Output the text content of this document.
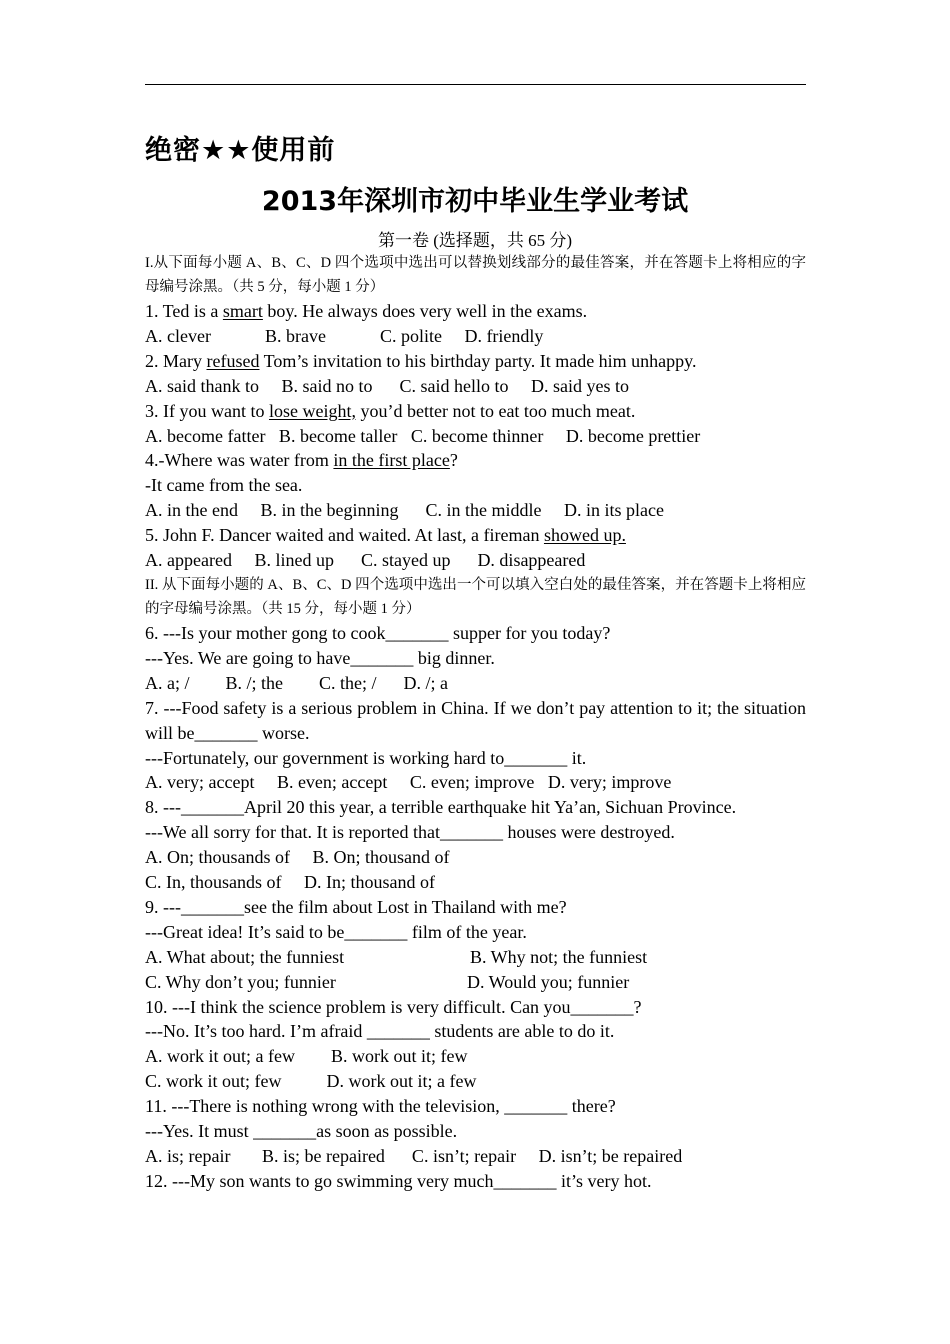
绝密★★使用前
2013年深圳市初中毕业生学业考试
第一卷 (选择题，共 65 分)
I.从下面每小题 A、B、C、D 四个选项中选出可以替换划线部分的最佳答案，并在答题卡上将相应的字母编号涂黑。（共 5 分，每小题 1 分）
1. Ted is a smart boy. He always does very well in the exams.
A. clever            B. brave            C. polite     D. friendly
2. Mary refused Tom’s invitation to his birthday party. It made him unhappy.
A. said thank to     B. said no to      C. said hello to     D. said yes to
3. If you want to lose weight, you’d better not to eat too much meat.
A. become fatter   B. become taller   C. become thinner     D. become prettier
4.-Where was water from in the first place?
-It came from the sea.
A. in the end     B. in the beginning      C. in the middle     D. in its place
5. John F. Dancer waited and waited. At last, a fireman showed up.
A. appeared     B. lined up      C. stayed up      D. disappeared
II. 从下面每小题的 A、B、C、D 四个选项中选出一个可以填入空白处的最佳答案，并在答题卡上将相应的字母编号涂黑。（共 15 分，每小题 1 分）
6. ---Is your mother gong to cook_______ supper for you today?
---Yes. We are going to have_______ big dinner.
A. a; /        B. /; the        C. the; /      D. /; a
7. ---Food safety is a serious problem in China. If we don’t pay attention to it; the situation will be_______ worse.
---Fortunately, our government is working hard to_______ it.
A. very; accept     B. even; accept     C. even; improve   D. very; improve
8. ---_______April 20 this year, a terrible earthquake hit Ya’an, Sichuan Province.
---We all sorry for that. It is reported that_______ houses were destroyed.
A. On; thousands of     B. On; thousand of
C. In, thousands of     D. In; thousand of
9. ---_______see the film about Lost in Thailand with me?
---Great idea! It’s said to be_______ film of the year.
A. What about; the funniest	B. Why not; the funniest
C. Why don’t you; funnier	D. Would you; funnier
10. ---I think the science problem is very difficult. Can you_______?
---No. It’s too hard. I’m afraid _______ students are able to do it.
A. work it out; a few        B. work out it; few
C. work it out; few          D. work out it; a few
11. ---There is nothing wrong with the television, _______ there?
---Yes. It must _______as soon as possible.
A. is; repair       B. is; be repaired      C. isn’t; repair     D. isn’t; be repaired
12. ---My son wants to go swimming very much_______ it’s very hot.
